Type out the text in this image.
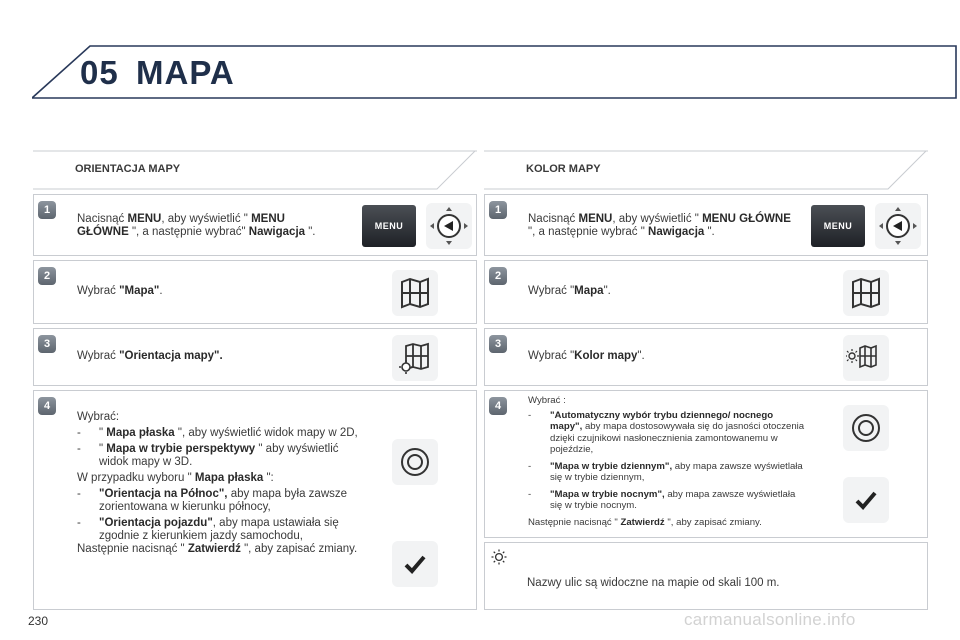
05 MAPA
ORIENTACJA MAPY
1
Nacisnąć MENU, aby wyświetlić " MENU GŁÓWNE ", a następnie wybrać" Nawigacja ".	MENU
2
Wybrać "Mapa".
3
Wybrać "Orientacja mapy".
4
Wybrać:
- " Mapa płaska ", aby wyświetlić widok mapy w 2D,
- " Mapa w trybie perspektywy " aby wyświetlić widok mapy w 3D.
W przypadku wyboru " Mapa płaska ":
- "Orientacja na Północ", aby mapa była zawsze zorientowana w kierunku północy,
- "Orientacja pojazdu", aby mapa ustawiała się zgodnie z kierunkiem jazdy samochodu,
Następnie nacisnąć " Zatwierdź ", aby zapisać zmiany.
KOLOR MAPY
1
Nacisnąć MENU, aby wyświetlić " MENU GŁÓWNE ", a następnie wybrać " Nawigacja ".	MENU
2
Wybrać "Mapa".
3
Wybrać "Kolor mapy".
4	Wybrać :
- "Automatyczny wybór trybu dziennego/ nocnego mapy", aby mapa dostosowywała się do jasności otoczenia dzięki czujnikowi nasłonecznienia zamontowanemu w pojeździe,
- "Mapa w trybie dziennym", aby mapa zawsze wyświetlała się w trybie dziennym,
- "Mapa w trybie nocnym", aby mapa zawsze wyświetlała się w trybie nocnym.
Następnie nacisnąć " Zatwierdź ", aby zapisać zmiany.
Nazwy ulic są widoczne na mapie od skali 100 m.
230	carmanualsonline.info
